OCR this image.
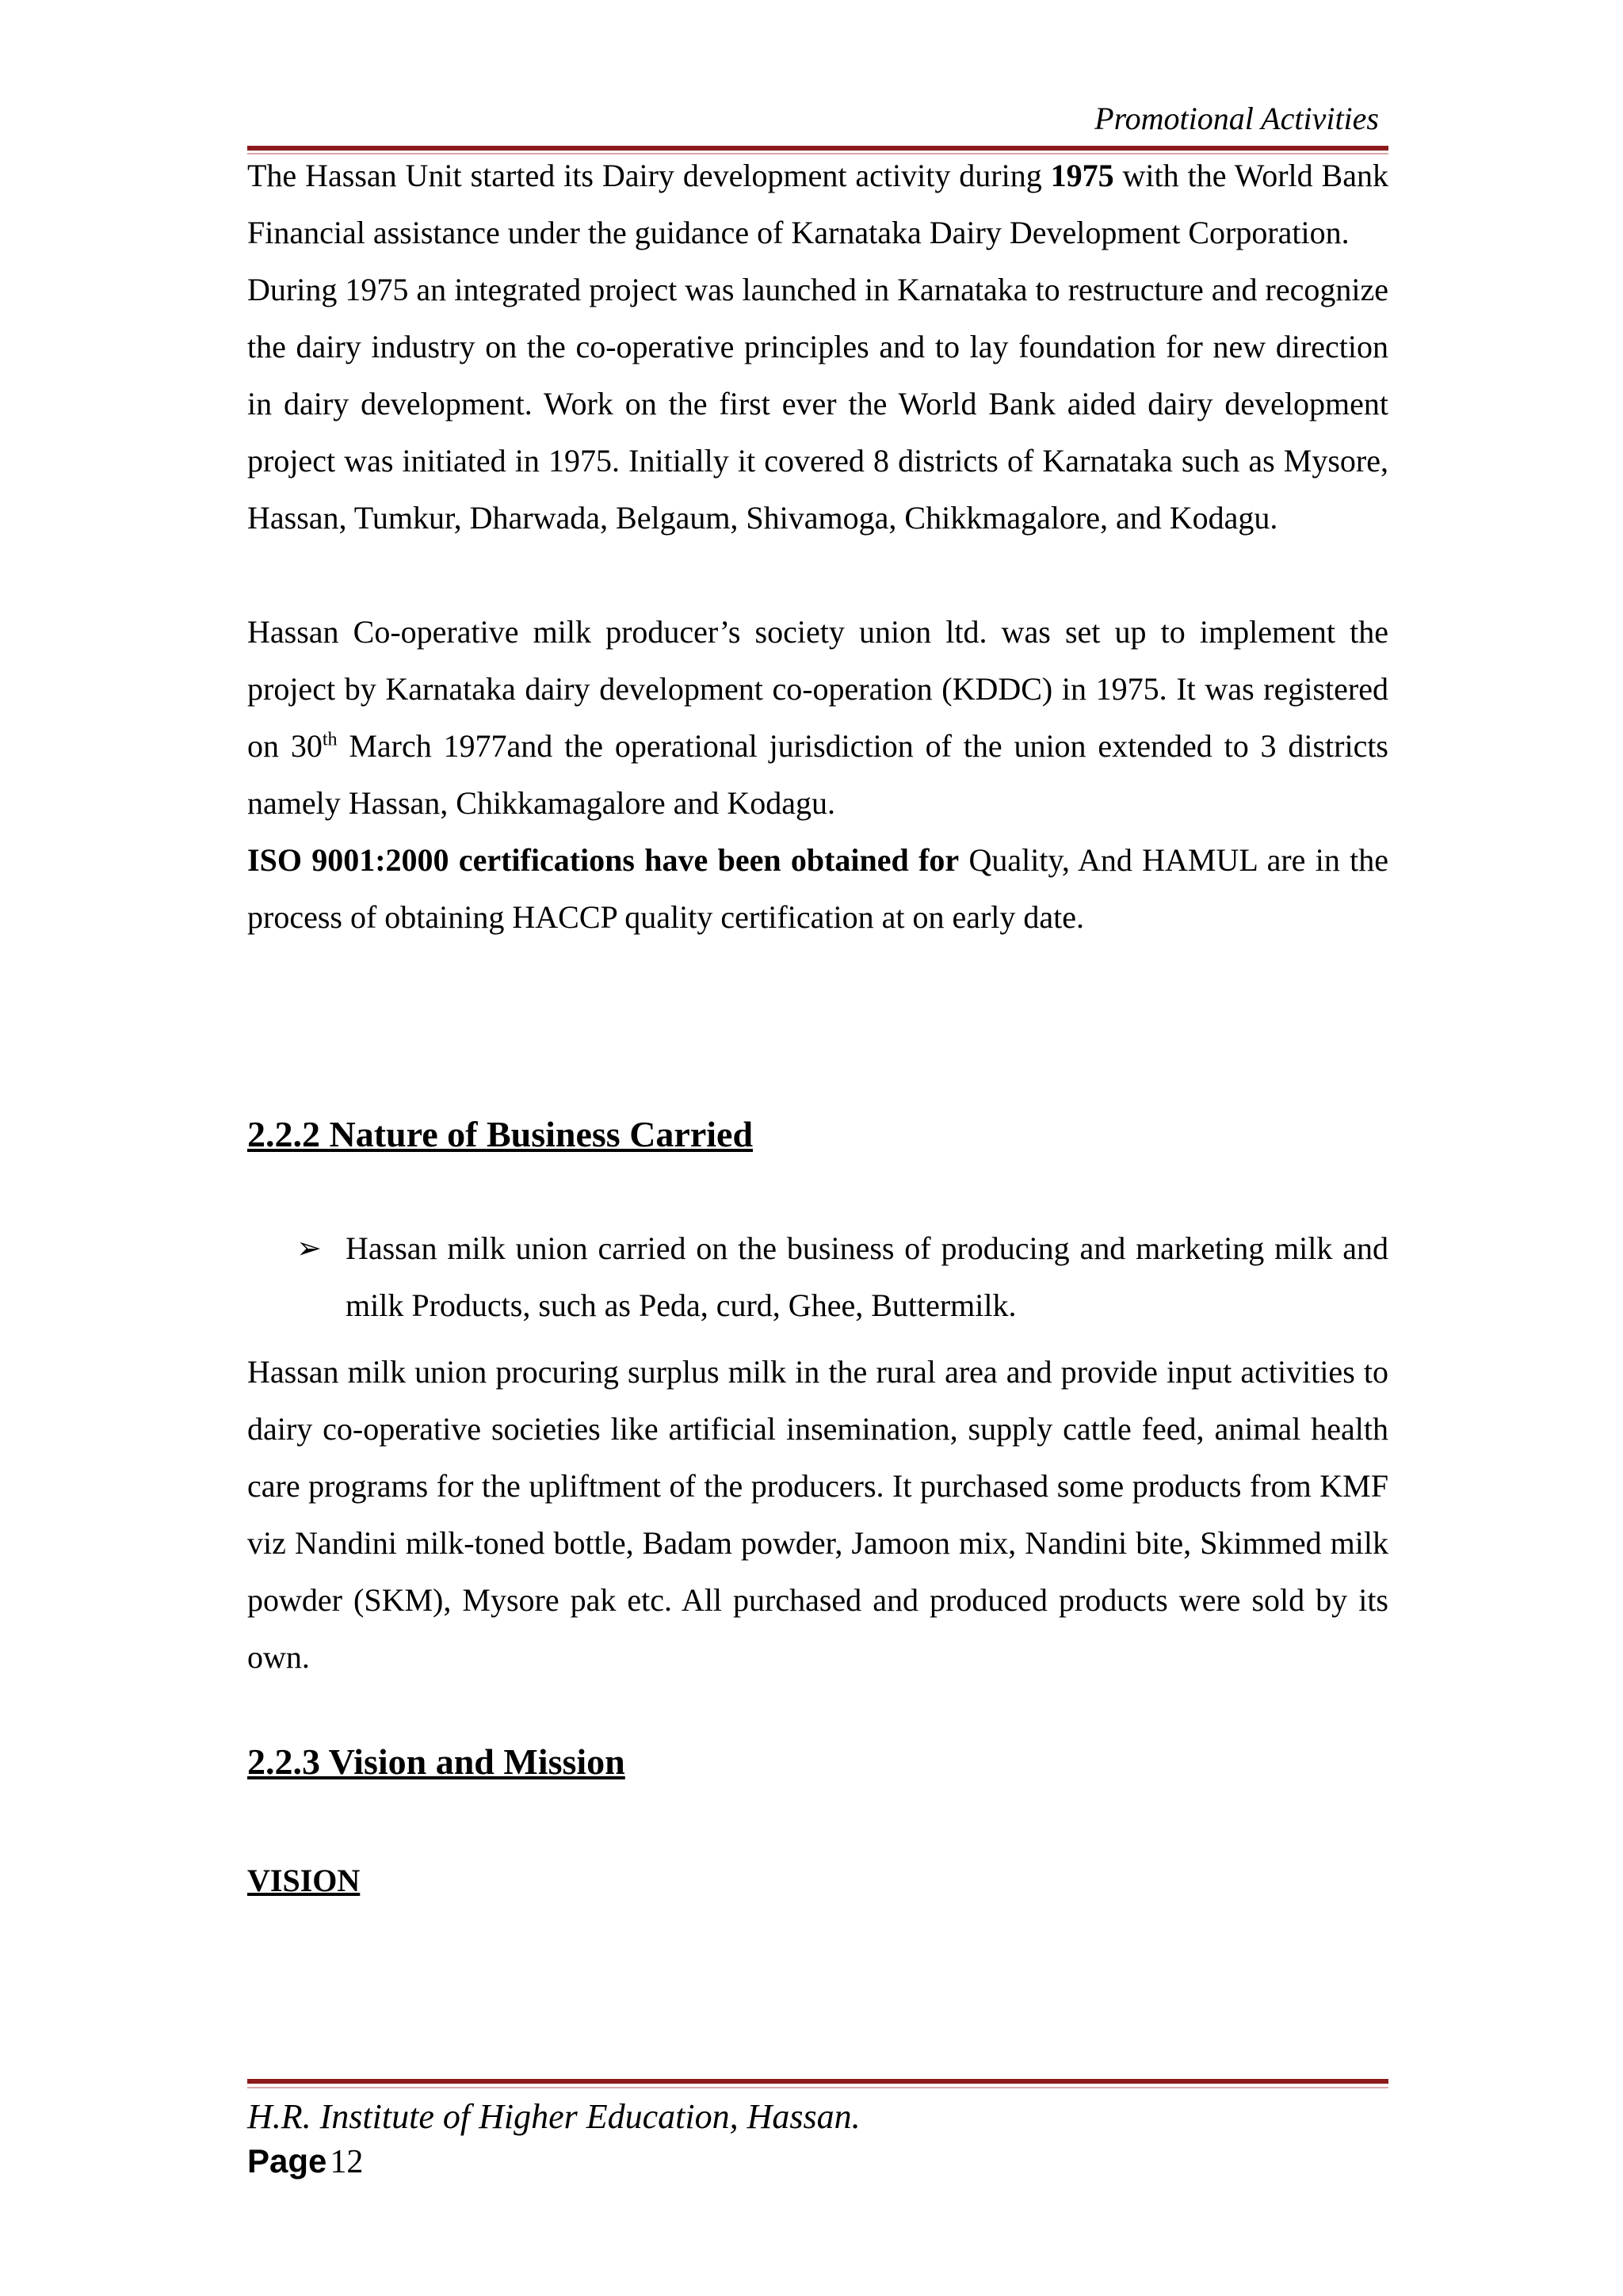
Promotional Activities

The Hassan Unit started its Dairy development activity during 1975 with the World Bank Financial assistance under the guidance of Karnataka Dairy Development Corporation.

During 1975 an integrated project was launched in Karnataka to restructure and recognize the dairy industry on the co-operative principles and to lay foundation for new direction in dairy development. Work on the first ever the World Bank aided dairy development project was initiated in 1975. Initially it covered 8 districts of Karnataka such as Mysore, Hassan, Tumkur, Dharwada, Belgaum, Shivamoga, Chikkmagalore, and Kodagu.

Hassan Co-operative milk producer’s society union ltd. was set up to implement the project by Karnataka dairy development co-operation (KDDC) in 1975. It was registered on 30th March 1977and the operational jurisdiction of the union extended to 3 districts namely Hassan, Chikkamagalore and Kodagu.

ISO 9001:2000 certifications have been obtained for Quality, And HAMUL are in the process of obtaining HACCP quality certification at on early date.

2.2.2 Nature of Business Carried
➢ Hassan milk union carried on the business of producing and marketing milk and milk Products, such as Peda, curd, Ghee, Buttermilk.

Hassan milk union procuring surplus milk in the rural area and provide input activities to dairy co-operative societies like artificial insemination, supply cattle feed, animal health care programs for the upliftment of the producers. It purchased some products from KMF viz Nandini milk-toned bottle, Badam powder, Jamoon mix, Nandini bite, Skimmed milk powder (SKM), Mysore pak etc. All purchased and produced products were sold by its own.

2.2.3 Vision and Mission
VISION
H.R. Institute of Higher Education, Hassan.
Page 12
